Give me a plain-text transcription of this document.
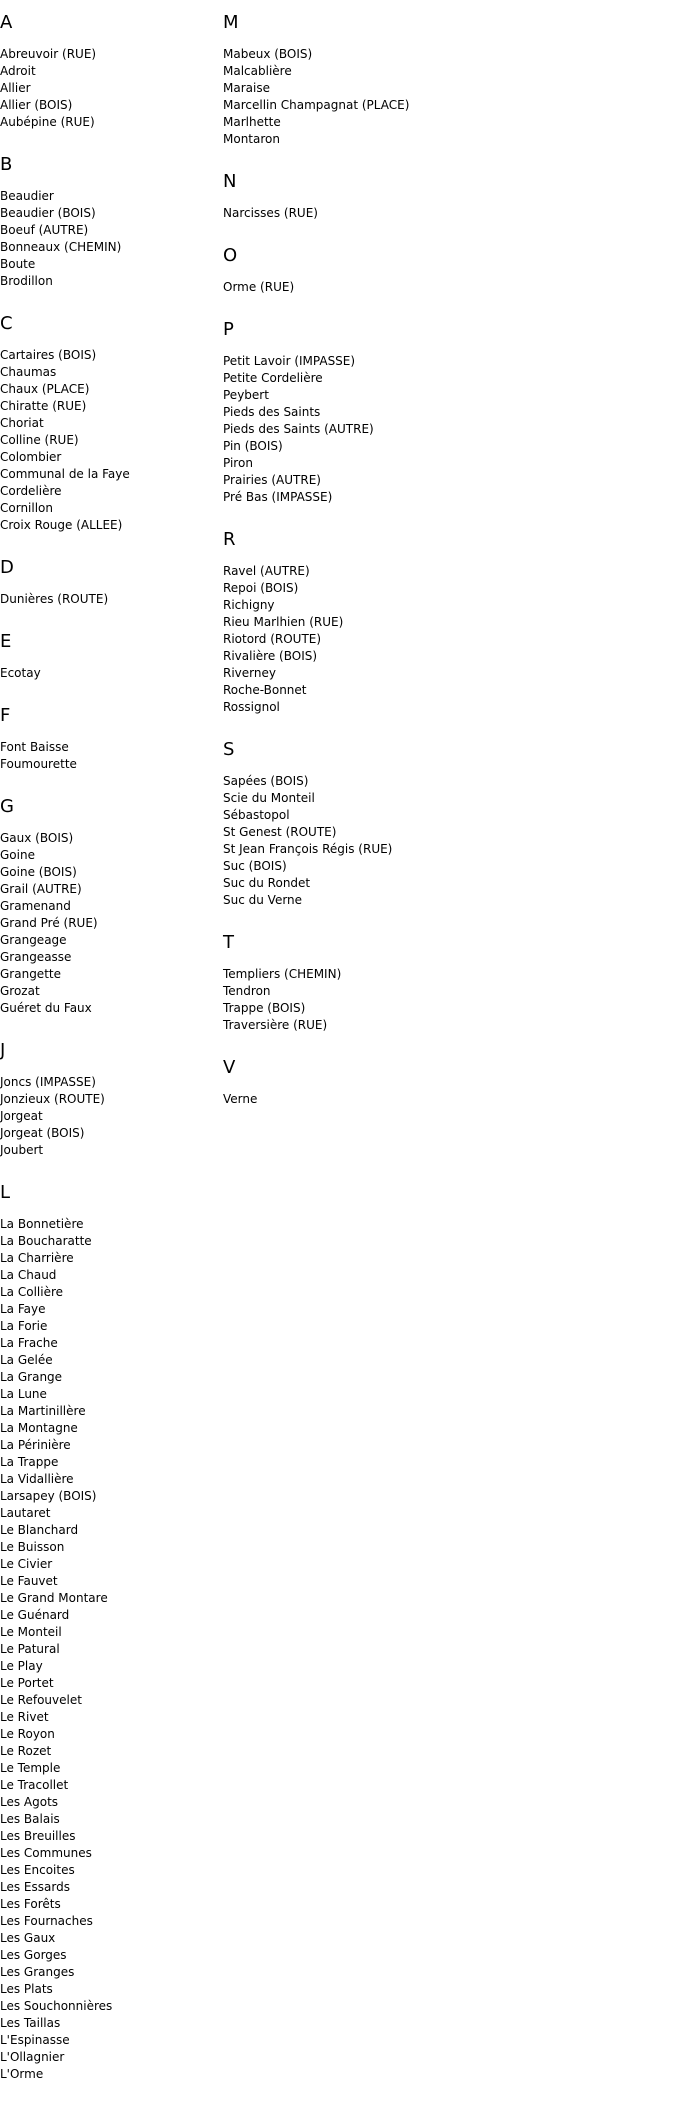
A
Abreuvoir (RUE)
Adroit
Allier
Allier (BOIS)
Aubépine (RUE)
B
Beaudier
Beaudier (BOIS)
Boeuf (AUTRE)
Bonneaux (CHEMIN)
Boute
Brodillon
C
Cartaires (BOIS)
Chaumas
Chaux (PLACE)
Chiratte (RUE)
Choriat
Colline (RUE)
Colombier
Communal de la Faye
Cordelière
Cornillon
Croix Rouge (ALLEE)
D
Dunières (ROUTE)
E
Ecotay
F
Font Baisse
Foumourette
G
Gaux (BOIS)
Goine
Goine (BOIS)
Grail (AUTRE)
Gramenand
Grand Pré (RUE)
Grangeage
Grangeasse
Grangette
Grozat
Guéret du Faux
J
Joncs (IMPASSE)
Jonzieux (ROUTE)
Jorgeat
Jorgeat (BOIS)
Joubert
L
La Bonnetière
La Boucharatte
La Charrière
La Chaud
La Collière
La Faye
La Forie
La Frache
La Gelée
La Grange
La Lune
La Martinillère
La Montagne
La Périnière
La Trappe
La Vidallière
Larsapey (BOIS)
Lautaret
Le Blanchard
Le Buisson
Le Civier
Le Fauvet
Le Grand Montare
Le Guénard
Le Monteil
Le Patural
Le Play
Le Portet
Le Refouvelet
Le Rivet
Le Royon
Le Rozet
Le Temple
Le Tracollet
Les Agots
Les Balais
Les Breuilles
Les Communes
Les Encoites
Les Essards
Les Forêts
Les Fournaches
Les Gaux
Les Gorges
Les Granges
Les Plats
Les Souchonnières
Les Taillas
L'Espinasse
L'Ollagnier
L'Orme
M
Mabeux (BOIS)
Malcablière
Maraise
Marcellin Champagnat (PLACE)
Marlhette
Montaron
N
Narcisses (RUE)
O
Orme (RUE)
P
Petit Lavoir (IMPASSE)
Petite Cordelière
Peybert
Pieds des Saints
Pieds des Saints (AUTRE)
Pin (BOIS)
Piron
Prairies (AUTRE)
Pré Bas (IMPASSE)
R
Ravel (AUTRE)
Repoi (BOIS)
Richigny
Rieu Marlhien (RUE)
Riotord (ROUTE)
Rivalière (BOIS)
Riverney
Roche-Bonnet
Rossignol
S
Sapées (BOIS)
Scie du Monteil
Sébastopol
St Genest (ROUTE)
St Jean François Régis (RUE)
Suc (BOIS)
Suc du Rondet
Suc du Verne
T
Templiers (CHEMIN)
Tendron
Trappe (BOIS)
Traversière (RUE)
V
Verne
